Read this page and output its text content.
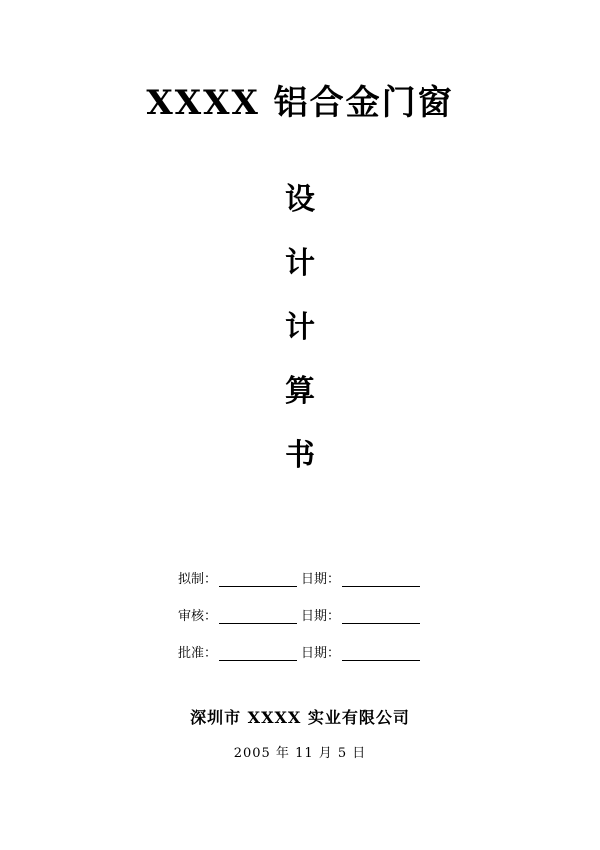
XXXX 铝合金门窗
设
计
计
算
书
拟制：	日期：
审核：	日期：
批准：	日期：
深圳市 XXXX 实业有限公司
2005 年 11 月 5 日
